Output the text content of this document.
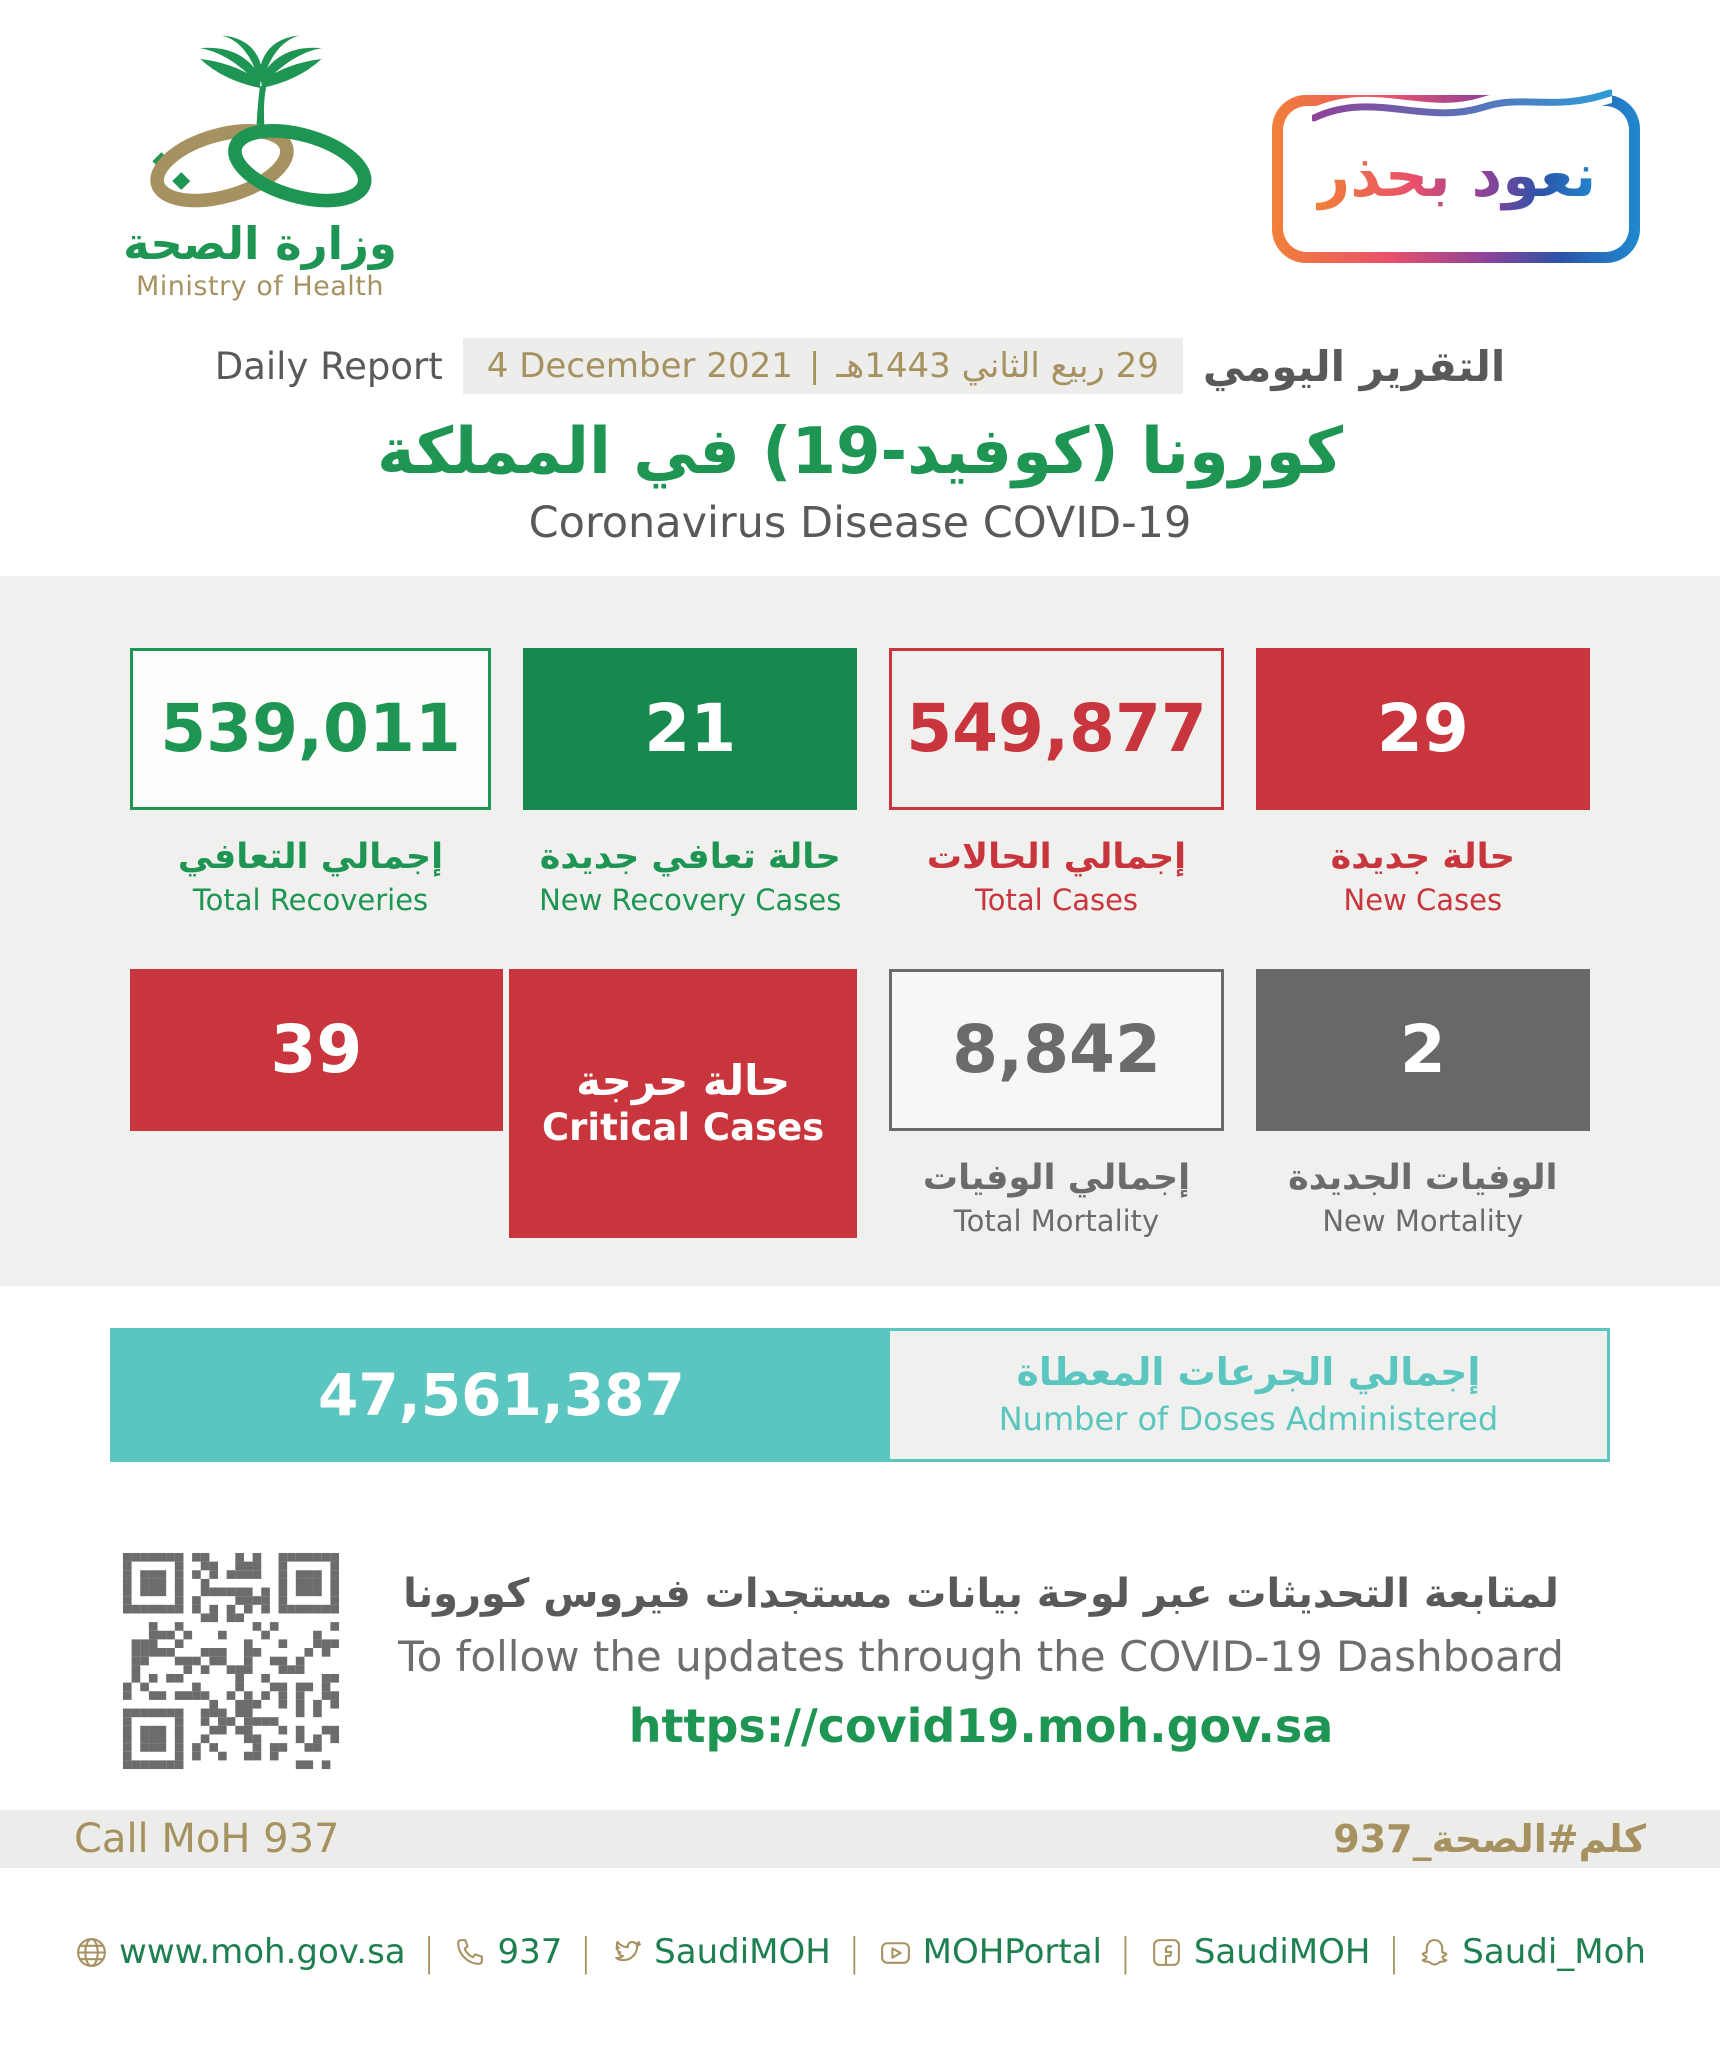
وزارة الصحة
Ministry of Health
نعود بحذر
Daily Report 4 December 2021 | 29 ربيع الثاني 1443هـ التقرير اليومي
كورونا (كوفيد-19) في المملكة
Coronavirus Disease COVID-19
539,011
إجمالي التعافي
Total Recoveries
21
حالة تعافي جديدة
New Recovery Cases
549,877
إجمالي الحالات
Total Cases
29
حالة جديدة
New Cases
39	حالة حرجة
Critical Cases
8,842
إجمالي الوفيات
Total Mortality
2
الوفيات الجديدة
New Mortality
47,561,387	إجمالي الجرعات المعطاة
Number of Doses Administered
لمتابعة التحديثات عبر لوحة بيانات مستجدات فيروس كورونا
To follow the updates through the COVID-19 Dashboard
https://covid19.moh.gov.sa
Call MoH 937	كلم#الصحة_937
www.moh.gov.sa | 937 | SaudiMOH | MOHPortal | SaudiMOH | Saudi_Moh
